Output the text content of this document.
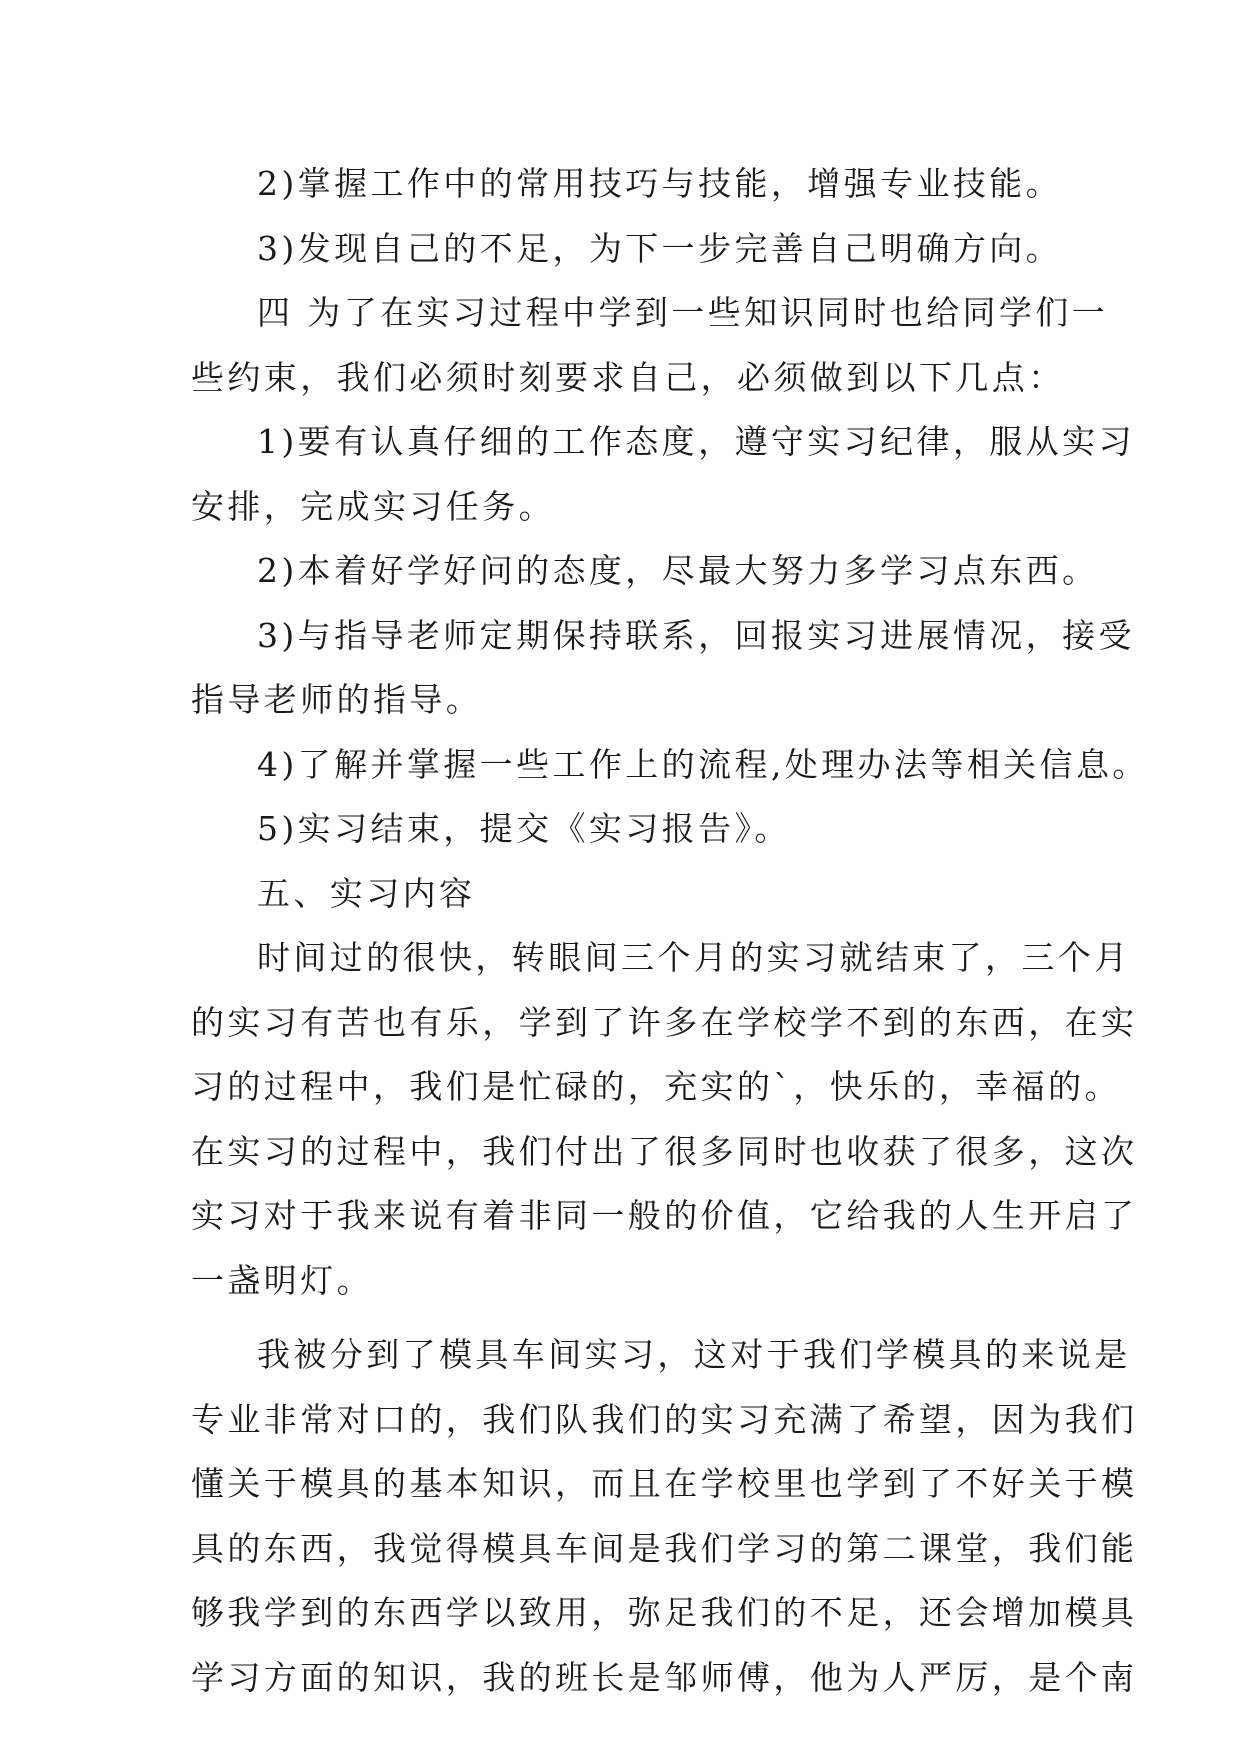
2)掌握工作中的常用技巧与技能，增强专业技能。
3)发现自己的不足，为下一步完善自己明确方向。
四 为了在实习过程中学到一些知识同时也给同学们一
些约束，我们必须时刻要求自己，必须做到以下几点：
1)要有认真仔细的工作态度，遵守实习纪律，服从实习
安排，完成实习任务。
2)本着好学好问的态度，尽最大努力多学习点东西。
3)与指导老师定期保持联系，回报实习进展情况，接受
指导老师的指导。
4)了解并掌握一些工作上的流程,处理办法等相关信息。
5)实习结束，提交《实习报告》。
五、实习内容
时间过的很快，转眼间三个月的实习就结束了，三个月
的实习有苦也有乐，学到了许多在学校学不到的东西，在实
习的过程中，我们是忙碌的，充实的`，快乐的，幸福的。
在实习的过程中，我们付出了很多同时也收获了很多，这次
实习对于我来说有着非同一般的价值，它给我的人生开启了
一盏明灯。
我被分到了模具车间实习，这对于我们学模具的来说是
专业非常对口的，我们队我们的实习充满了希望，因为我们
懂关于模具的基本知识，而且在学校里也学到了不好关于模
具的东西，我觉得模具车间是我们学习的第二课堂，我们能
够我学到的东西学以致用，弥足我们的不足，还会增加模具
学习方面的知识，我的班长是邹师傅，他为人严厉，是个南
